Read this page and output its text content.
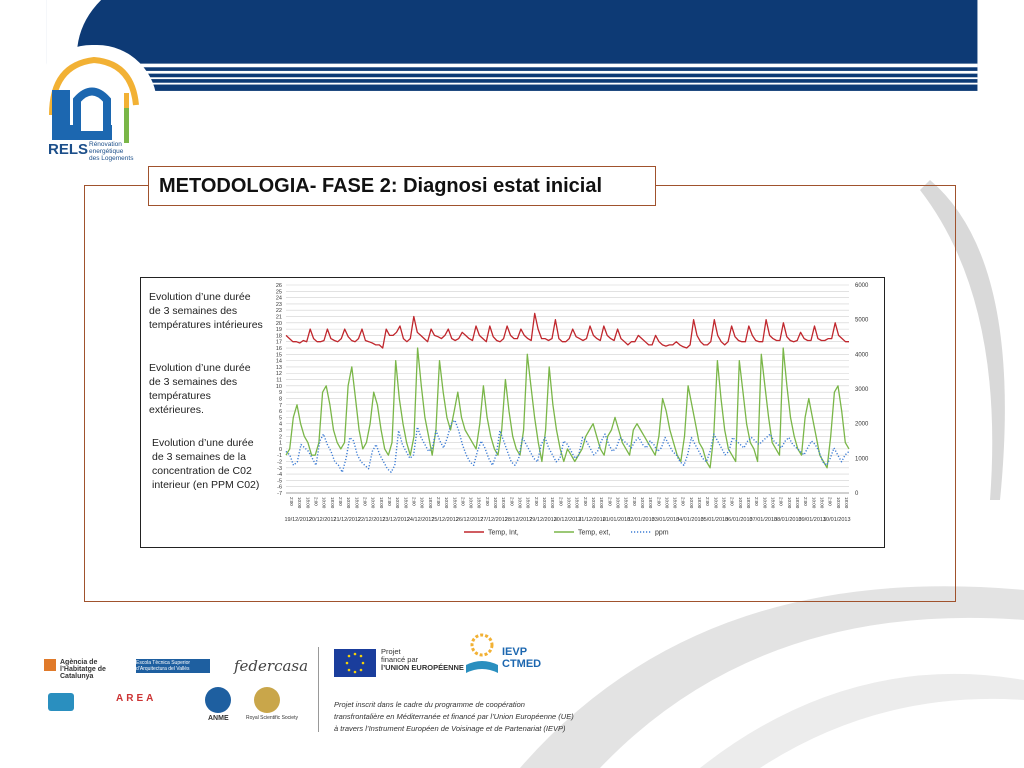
RELS Rénovation
energétique
des Logements
METODOLOGIA- FASE 2: Diagnosi estat inicial
Evolution d’une durée de 3 semaines des températures intérieures
Evolution d’une durée de 3 semaines des températures extérieures.
Evolution d’une durée de 3 semaines de la concentration de C02 interieur (en PPM C02)
-7
-6
-5
-4
-3
-2
-1
0
1
2
3
4
5
6
7
8
9
10
11
12
13
14
15
16
17
18
19
20
21
22
23
24
25
26
0
1000
2000
3000
4000
5000
6000
2:00 10:00 18:00
19/12/2012
2:00 10:00 18:00
20/12/2012
2:00 10:00 18:00
21/12/2012
2:00 10:00 18:00
22/12/2012
2:00 10:00 18:00
23/12/2012
2:00 10:00 18:00
24/12/2012
2:00 10:00 18:00
25/12/2012
2:00 10:00 18:00
26/12/2012
2:00 10:00 18:00
27/12/2012
2:00 10:00 18:00
28/12/2012
2:00 10:00 18:00
29/12/2012
2:00 10:00 18:00
30/12/2012
2:00 10:00 18:00
31/12/2012
2:00 10:00 18:00
01/01/2013
2:00 10:00 18:00
02/01/2013
2:00 10:00 18:00
03/01/2013
2:00 10:00 18:00
04/01/2013
2:00 10:00 18:00
05/01/2013
2:00 10:00 18:00
06/01/2013
2:00 10:00 18:00
07/01/2013
2:00 10:00 18:00
08/01/2013
2:00 10:00 18:00
09/01/2013
2:00 10:00 18:00
10/01/2013
Temp, Int,	Temp, ext,	ppm
Agència de l’Habitatge de Catalunya
Escola Tècnica Superior d’Arquitectura del Vallès	federcasa
AREA
ANME	Royal Scientific Society
Projet
financé par
l’UNION EUROPÉENNE
IEVP
CTMED
Projet inscrit dans le cadre du programme de coopération
transfrontalière en Méditerranée et financé par l’Union Européenne (UE)
à travers l’Instrument Européen de Voisinage et de Partenariat (IEVP)
